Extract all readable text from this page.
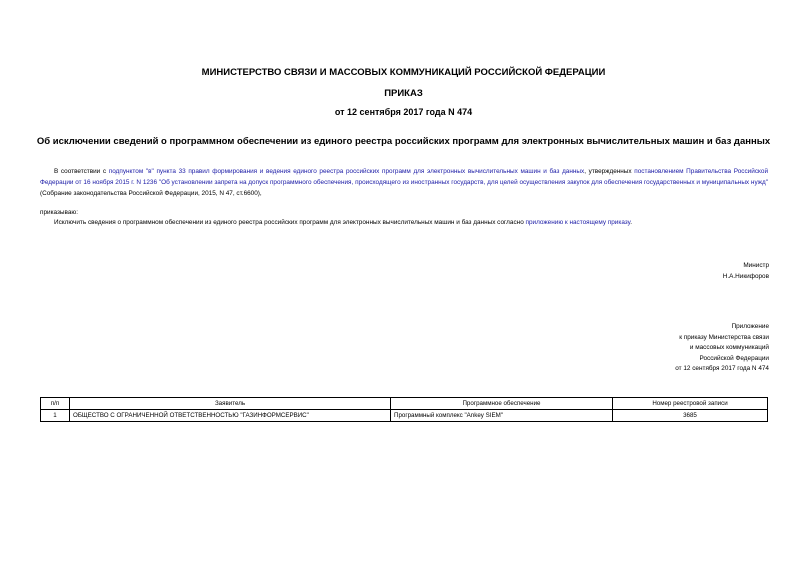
МИНИСТЕРСТВО СВЯЗИ И МАССОВЫХ КОММУНИКАЦИЙ РОССИЙСКОЙ ФЕДЕРАЦИИ
ПРИКАЗ
от 12 сентября 2017 года N 474
Об исключении сведений о программном обеспечении из единого реестра российских программ для электронных вычислительных машин и баз данных
В соответствии с подпунктом "в" пункта 33 правил формирования и ведения единого реестра российских программ для электронных вычислительных машин и баз данных, утвержденных постановлением Правительства Российской Федерации от 16 ноября 2015 г. N 1236 "Об установлении запрета на допуск программного обеспечения, происходящего из иностранных государств, для целей осуществления закупок для обеспечения государственных и муниципальных нужд" (Собрание законодательства Российской Федерации, 2015, N 47, ст.6600),
приказываю:
Исключить сведения о программном обеспечении из единого реестра российских программ для электронных вычислительных машин и баз данных согласно приложению к настоящему приказу.
Министр
Н.А.Никифоров
Приложение
к приказу Министерства связи
и массовых коммуникаций
Российской Федерации
от 12 сентября 2017 года N 474
п/п	Заявитель	Программное обеспечение	Номер реестровой записи
1	ОБЩЕСТВО С ОГРАНИЧЕННОЙ ОТВЕТСТВЕННОСТЬЮ "ГАЗИНФОРМСЕРВИС"	Программный комплекс "Ankey SIEM"	3685
